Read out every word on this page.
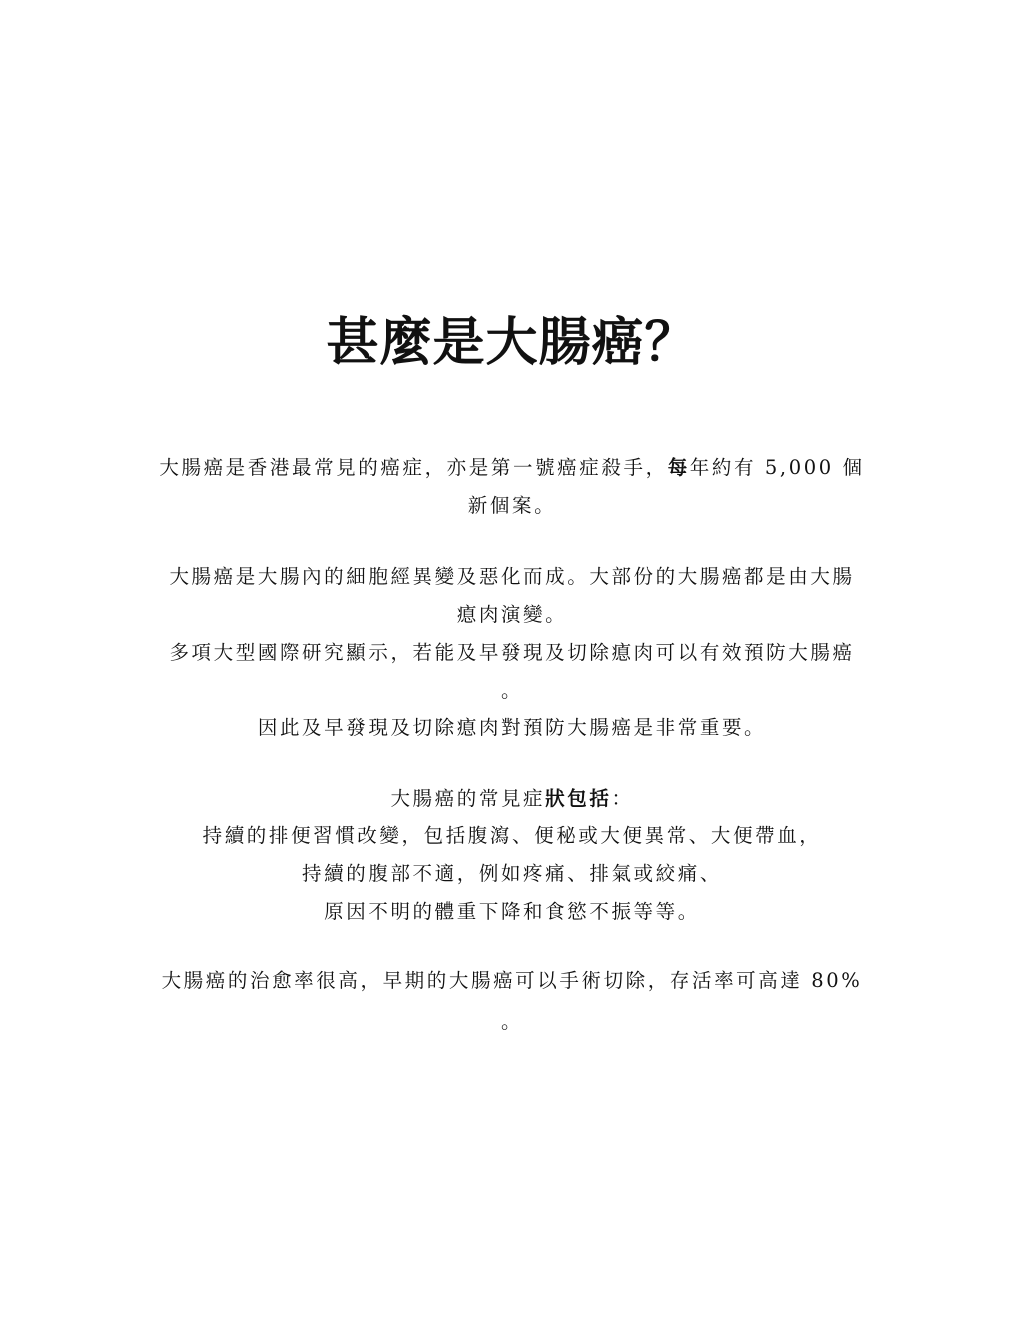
甚麼是大腸癌？
大腸癌是香港最常見的癌症，亦是第一號癌症殺手，每年約有 5,000 個
新個案。
大腸癌是大腸內的細胞經異變及惡化而成。大部份的大腸癌都是由大腸
瘜肉演變。
多項大型國際研究顯示，若能及早發現及切除瘜肉可以有效預防大腸癌
。
因此及早發現及切除瘜肉對預防大腸癌是非常重要。
大腸癌的常見症狀包括：
持續的排便習慣改變，包括腹瀉、便秘或大便異常、大便帶血，
持續的腹部不適，例如疼痛、排氣或絞痛、
原因不明的體重下降和食慾不振等等。
大腸癌的治愈率很高，早期的大腸癌可以手術切除，存活率可高達 80%
。
